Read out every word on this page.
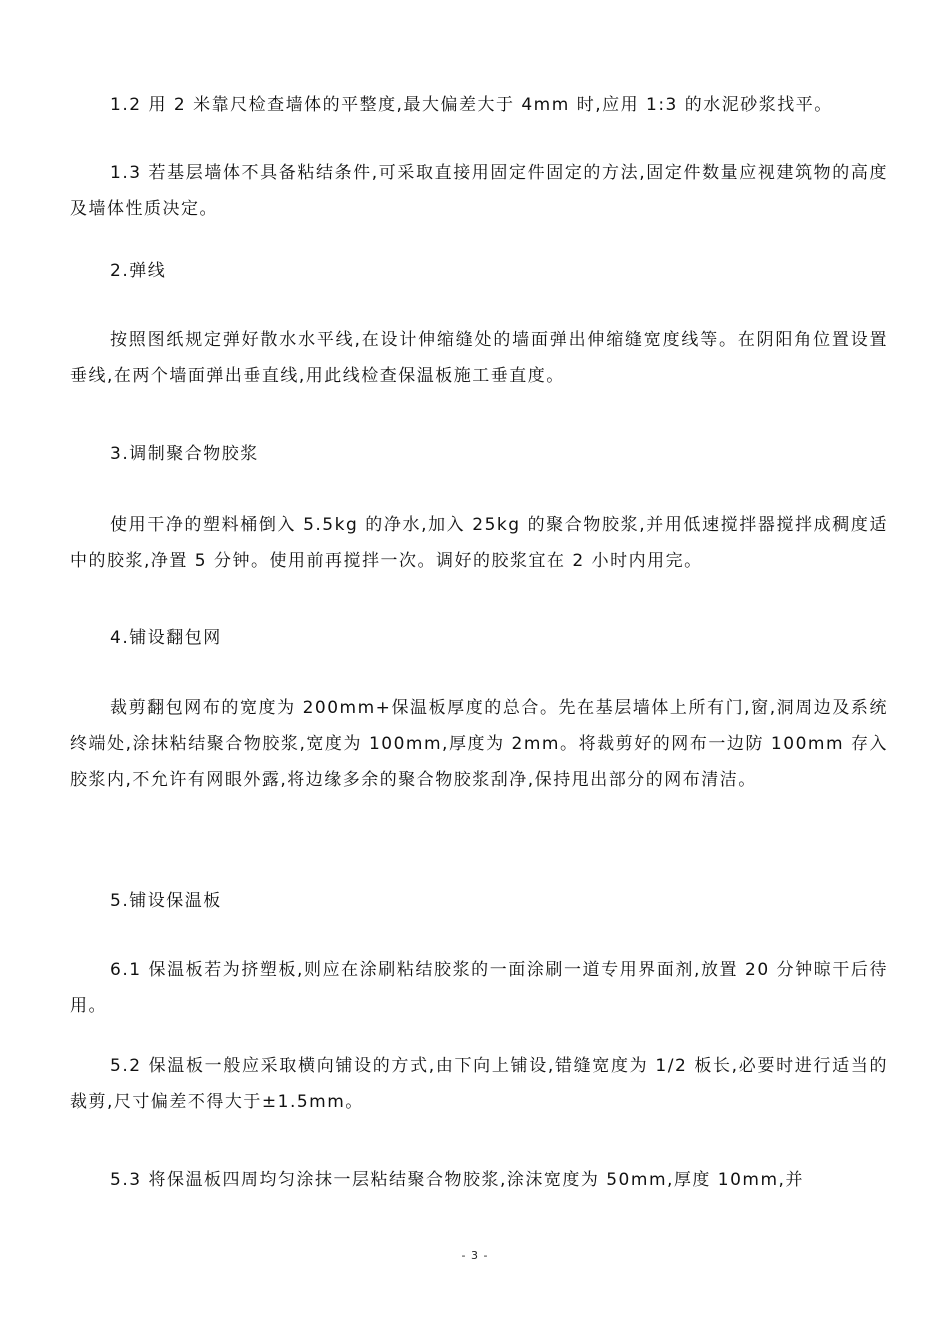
1.2 用 2 米靠尺检查墙体的平整度,最大偏差大于 4mm 时,应用 1:3 的水泥砂浆找平。

1.3 若基层墙体不具备粘结条件,可采取直接用固定件固定的方法,固定件数量应视建筑物的高度及墙体性质决定。

2.弹线

按照图纸规定弹好散水水平线,在设计伸缩缝处的墙面弹出伸缩缝宽度线等。在阴阳角位置设置垂线,在两个墙面弹出垂直线,用此线检查保温板施工垂直度。

3.调制聚合物胶浆

使用干净的塑料桶倒入 5.5kg 的净水,加入 25kg 的聚合物胶浆,并用低速搅拌器搅拌成稠度适中的胶浆,净置 5 分钟。使用前再搅拌一次。调好的胶浆宜在 2 小时内用完。

4.铺设翻包网

裁剪翻包网布的宽度为 200mm+保温板厚度的总合。先在基层墙体上所有门,窗,洞周边及系统终端处,涂抹粘结聚合物胶浆,宽度为 100mm,厚度为 2mm。将裁剪好的网布一边防 100mm 存入胶浆内,不允许有网眼外露,将边缘多余的聚合物胶浆刮净,保持甩出部分的网布清洁。

5.铺设保温板

6.1 保温板若为挤塑板,则应在涂刷粘结胶浆的一面涂刷一道专用界面剂,放置 20 分钟晾干后待用。

5.2 保温板一般应采取横向铺设的方式,由下向上铺设,错缝宽度为 1/2 板长,必要时进行适当的裁剪,尺寸偏差不得大于±1.5mm。

5.3 将保温板四周均匀涂抹一层粘结聚合物胶浆,涂沫宽度为 50mm,厚度 10mm,并

- 3 -
